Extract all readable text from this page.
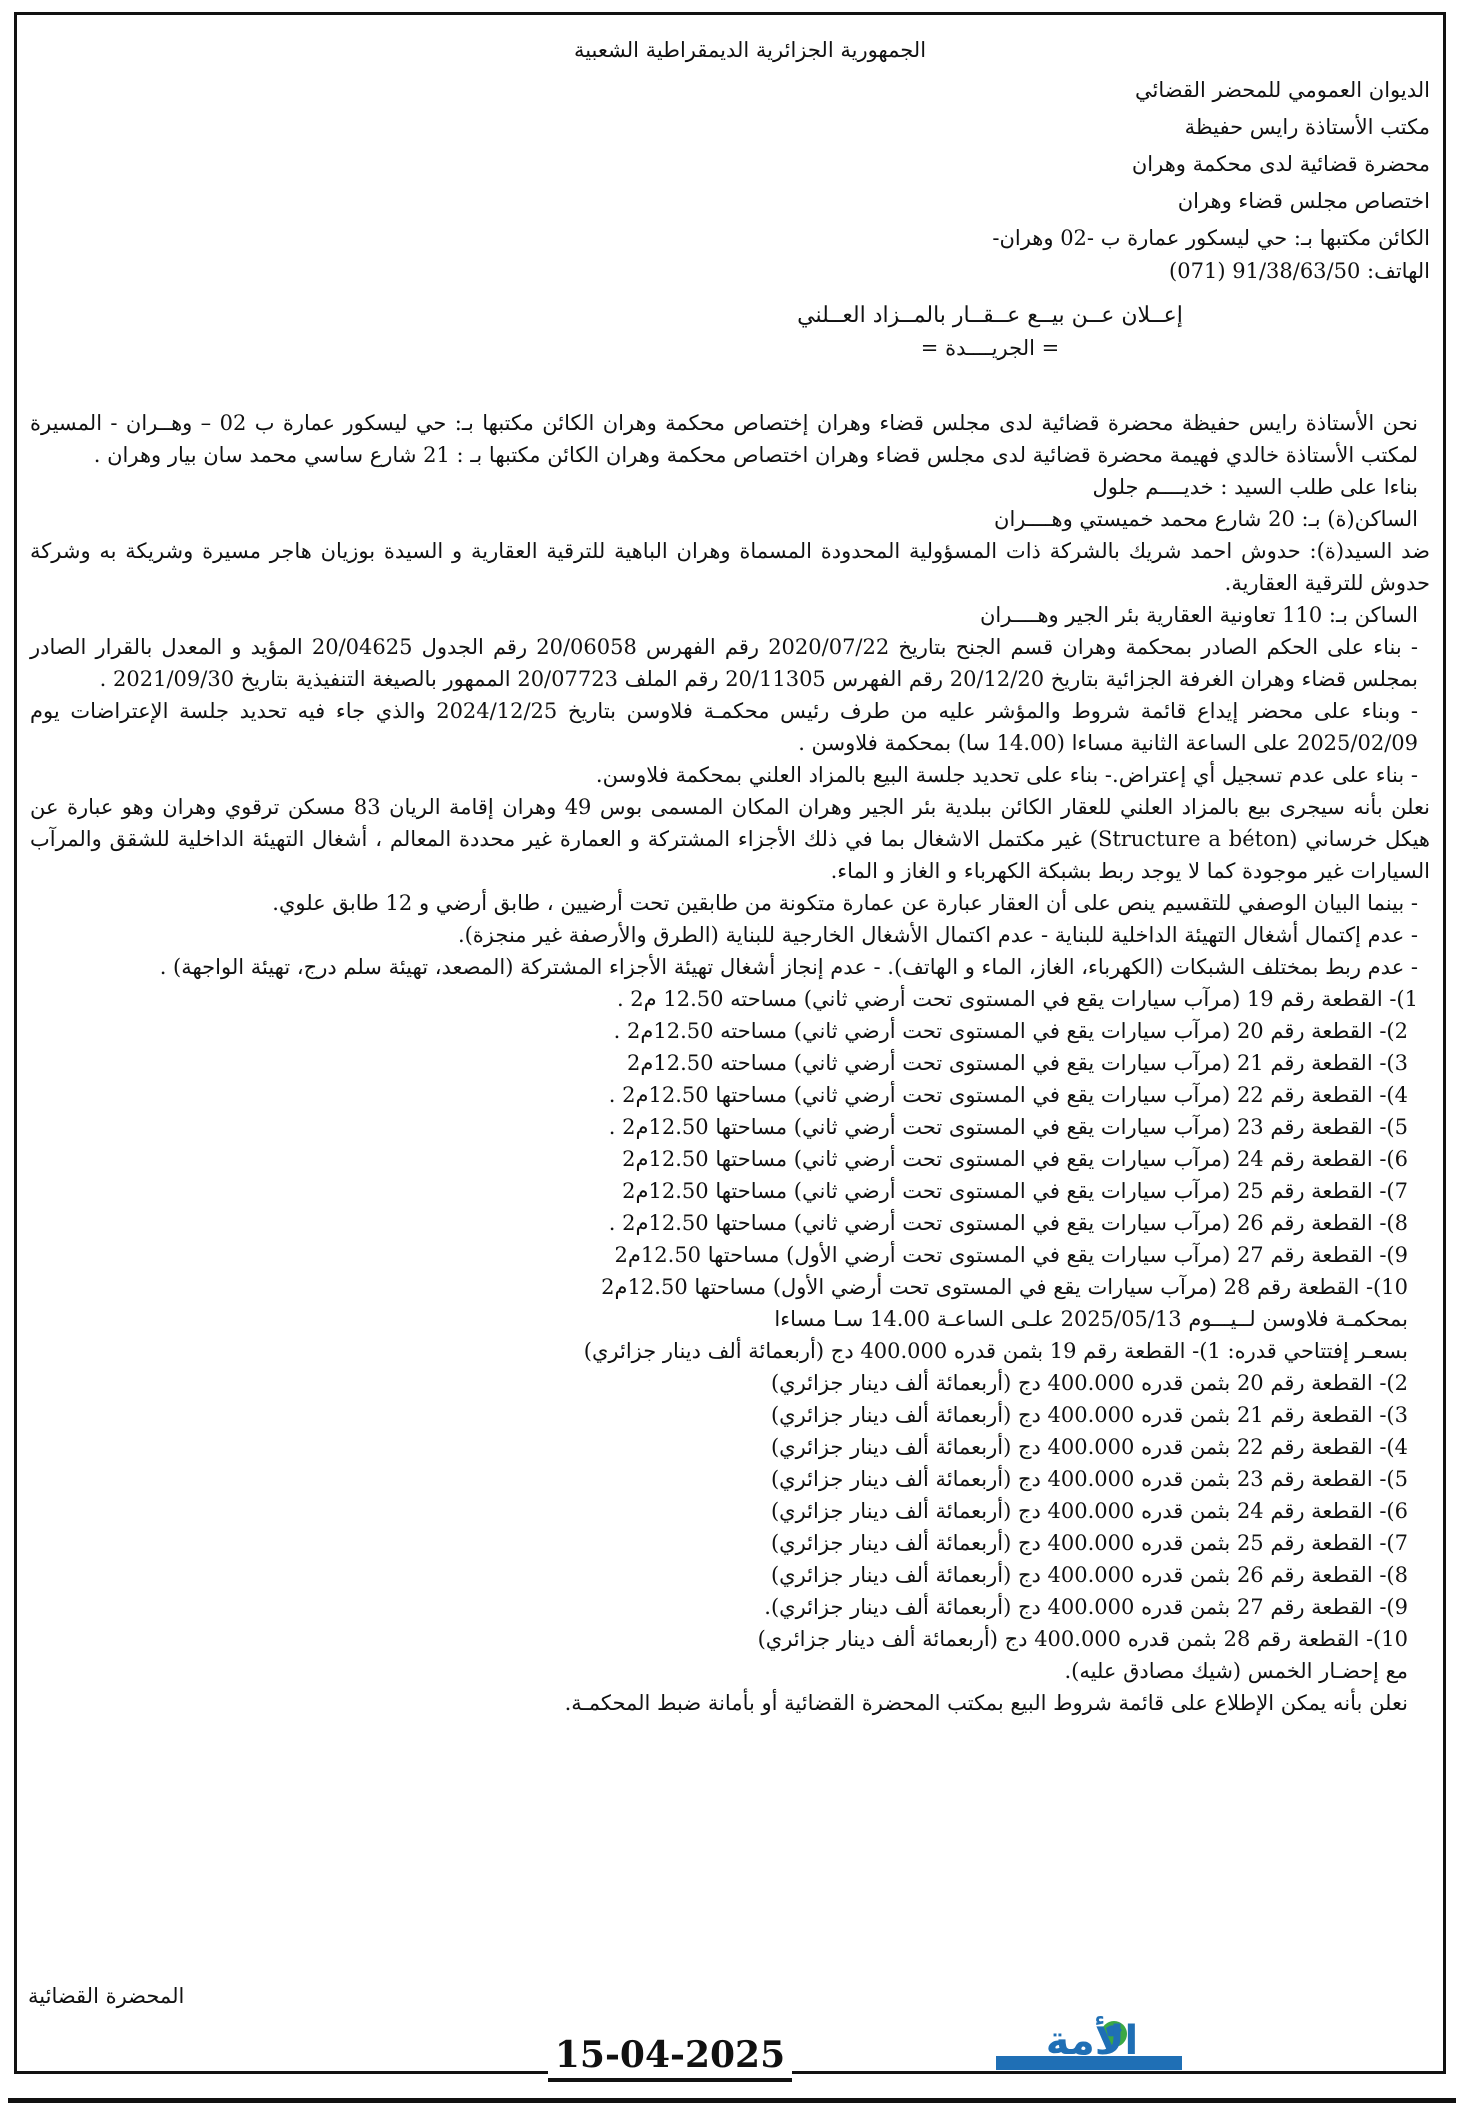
الجمهورية الجزائرية الديمقراطية الشعبية
الديوان العمومي للمحضر القضائي
مكتب الأستاذة رايس حفيظة
محضرة قضائية لدى محكمة وهران
اختصاص مجلس قضاء وهران
الكائن مكتبها بـ: حي ليسكور عمارة ب -02 وهران-
الهاتف: 91/38/63/50 (071)
إعــلان عــن بيــع عــقــار بالمــزاد العــلني
= الجريــــدة =
نحن الأستاذة رايس حفيظة محضرة قضائية لدى مجلس قضاء وهران إختصاص محكمة وهران الكائن مكتبها بـ: حي ليسكور عمارة ب 02 – وهــران - المسيرة لمكتب الأستاذة خالدي فهيمة محضرة قضائية لدى مجلس قضاء وهران اختصاص محكمة وهران الكائن مكتبها بـ : 21 شارع ساسي محمد سان بيار وهران .
بناءا على طلب السيد : خديــــم جلول
الساكن(ة) بـ: 20 شارع محمد خميستي وهــــران
ضد السيد(ة): حدوش احمد شريك بالشركة ذات المسؤولية المحدودة المسماة وهران الباهية للترقية العقارية و السيدة بوزيان هاجر مسيرة وشريكة به وشركة حدوش للترقية العقارية.
الساكن بـ: 110 تعاونية العقارية بئر الجير وهــــران
- بناء على الحكم الصادر بمحكمة وهران قسم الجنح بتاريخ 2020/07/22 رقم الفهرس 20/06058 رقم الجدول 20/04625 المؤيد و المعدل بالقرار الصادر بمجلس قضاء وهران الغرفة الجزائية بتاريخ 20/12/20 رقم الفهرس 20/11305 رقم الملف 20/07723 الممهور بالصيغة التنفيذية بتاريخ 2021/09/30 .
- وبناء على محضر إيداع قائمة شروط والمؤشر عليه من طرف رئيس محكمـة فلاوسن بتاريخ 2024/12/25 والذي جاء فيه تحديد جلسة الإعتراضات يوم 2025/02/09 على الساعة الثانية مساءا (14.00 سا) بمحكمة فلاوسن .
- بناء على عدم تسجيل أي إعتراض.- بناء على تحديد جلسة البيع بالمزاد العلني بمحكمة فلاوسن.
نعلن بأنه سيجرى بيع بالمزاد العلني للعقار الكائن ببلدية بئر الجير وهران المكان المسمى بوس 49 وهران إقامة الريان 83 مسكن ترقوي وهران وهو عبارة عن هيكل خرساني (Structure a béton) غير مكتمل الاشغال بما في ذلك الأجزاء المشتركة و العمارة غير محددة المعالم ، أشغال التهيئة الداخلية للشقق والمرآب السيارات غير موجودة كما لا يوجد ربط بشبكة الكهرباء و الغاز و الماء.
- بينما البيان الوصفي للتقسيم ينص على أن العقار عبارة عن عمارة متكونة من طابقين تحت أرضيين ، طابق أرضي و 12 طابق علوي.
- عدم إكتمال أشغال التهيئة الداخلية للبناية - عدم اكتمال الأشغال الخارجية للبناية (الطرق والأرصفة غير منجزة).
- عدم ربط بمختلف الشبكات (الكهرباء، الغاز، الماء و الهاتف). - عدم إنجاز أشغال تهيئة الأجزاء المشتركة (المصعد، تهيئة سلم درج، تهيئة الواجهة) .
1)- القطعة رقم 19 (مرآب سيارات يقع في المستوى تحت أرضي ثاني) مساحته 12.50 م2 .
2)- القطعة رقم 20 (مرآب سيارات يقع في المستوى تحت أرضي ثاني) مساحته 12.50م2 .
3)- القطعة رقم 21 (مرآب سيارات يقع في المستوى تحت أرضي ثاني) مساحته 12.50م2
4)- القطعة رقم 22 (مرآب سيارات يقع في المستوى تحت أرضي ثاني) مساحتها 12.50م2 .
5)- القطعة رقم 23 (مرآب سيارات يقع في المستوى تحت أرضي ثاني) مساحتها 12.50م2 .
6)- القطعة رقم 24 (مرآب سيارات يقع في المستوى تحت أرضي ثاني) مساحتها 12.50م2
7)- القطعة رقم 25 (مرآب سيارات يقع في المستوى تحت أرضي ثاني) مساحتها 12.50م2
8)- القطعة رقم 26 (مرآب سيارات يقع في المستوى تحت أرضي ثاني) مساحتها 12.50م2 .
9)- القطعة رقم 27 (مرآب سيارات يقع في المستوى تحت أرضي الأول) مساحتها 12.50م2
10)- القطعة رقم 28 (مرآب سيارات يقع في المستوى تحت أرضي الأول) مساحتها 12.50م2
بمحكمـة فلاوسن لــيـــوم 2025/05/13 علـى الساعـة 14.00 سـا مساءا
بسعـر إفتتاحي قدره: 1)- القطعة رقم 19 بثمن قدره 400.000 دج (أربعمائة ألف دينار جزائري)
2)- القطعة رقم 20 بثمن قدره 400.000 دج (أربعمائة ألف دينار جزائري)
3)- القطعة رقم 21 بثمن قدره 400.000 دج (أربعمائة ألف دينار جزائري)
4)- القطعة رقم 22 بثمن قدره 400.000 دج (أربعمائة ألف دينار جزائري)
5)- القطعة رقم 23 بثمن قدره 400.000 دج (أربعمائة ألف دينار جزائري)
6)- القطعة رقم 24 بثمن قدره 400.000 دج (أربعمائة ألف دينار جزائري)
7)- القطعة رقم 25 بثمن قدره 400.000 دج (أربعمائة ألف دينار جزائري)
8)- القطعة رقم 26 بثمن قدره 400.000 دج (أربعمائة ألف دينار جزائري)
9)- القطعة رقم 27 بثمن قدره 400.000 دج (أربعمائة ألف دينار جزائري).
10)- القطعة رقم 28 بثمن قدره 400.000 دج (أربعمائة ألف دينار جزائري)
مع إحضـار الخمس (شيك مصادق عليه).
نعلن بأنه يمكن الإطلاع على قائمة شروط البيع بمكتب المحضرة القضائية أو بأمانة ضبط المحكمـة.
المحضرة القضائية
الأمة
15-04-2025
